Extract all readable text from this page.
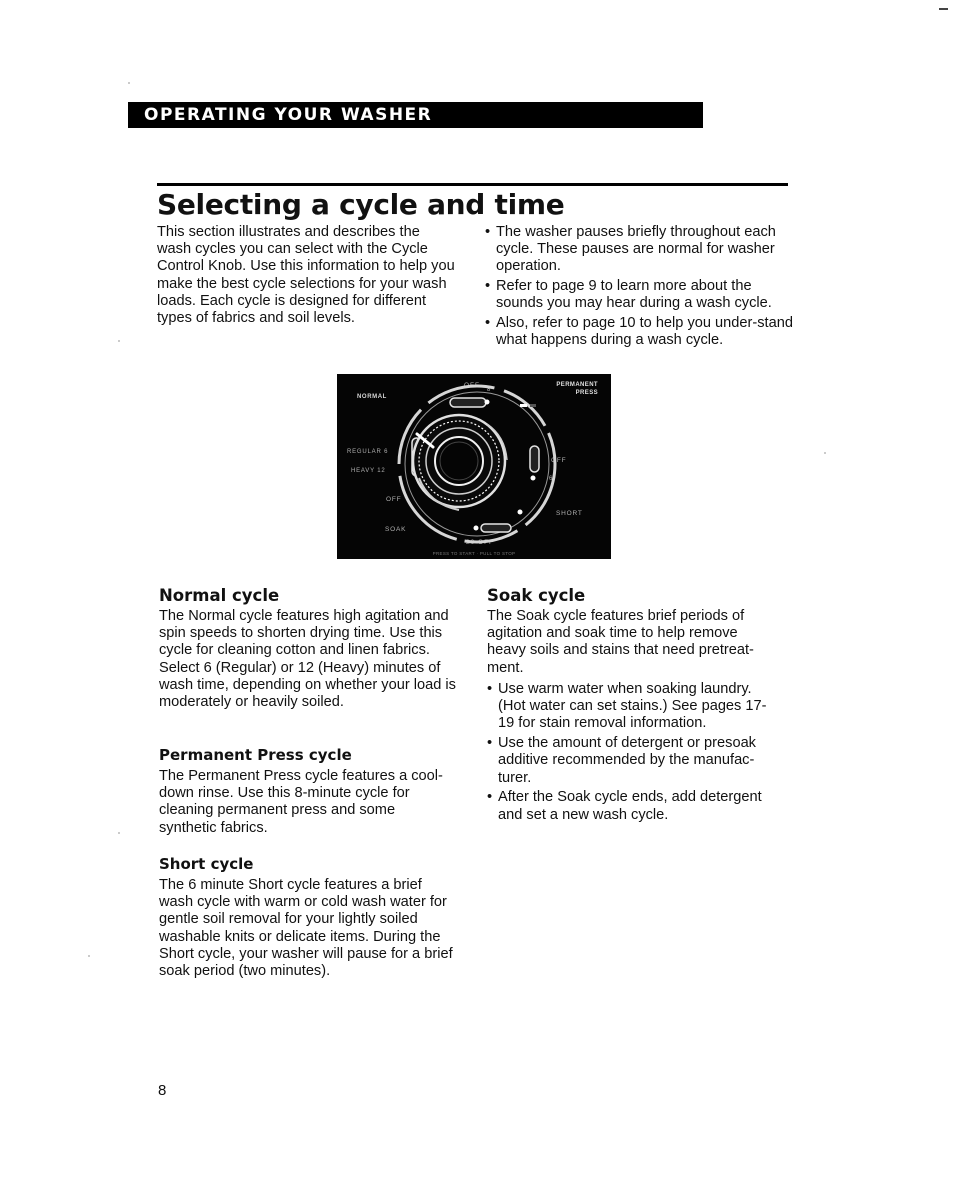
OPERATING YOUR WASHER
Selecting a cycle and time

This section illustrates and describes the wash cycles you can select with the Cycle Control Knob. Use this information to help you make the best cycle selections for your wash loads. Each cycle is designed for different types of fabrics and soil levels.

• The washer pauses briefly throughout each cycle. These pauses are normal for washer operation.
• Refer to page 9 to learn more about the sounds you may hear during a wash cycle.
• Also, refer to page 10 to help you under-stand what happens during a wash cycle.
NORMAL
OFF
8
PERMANENT
PRESS
REGULAR 6
HEAVY 12
OFF
SOAK
OFF
6
SHORT
20 OFF
PRESS TO START · PULL TO STOP
Normal cycle

The Normal cycle features high agitation and spin speeds to shorten drying time. Use this cycle for cleaning cotton and linen fabrics. Select 6 (Regular) or 12 (Heavy) minutes of wash time, depending on whether your load is moderately or heavily soiled.

Permanent Press cycle

The Permanent Press cycle features a cool-down rinse. Use this 8-minute cycle for cleaning permanent press and some synthetic fabrics.

Short cycle

The 6 minute Short cycle features a brief wash cycle with warm or cold wash water for gentle soil removal for your lightly soiled washable knits or delicate items. During the Short cycle, your washer will pause for a brief soak period (two minutes).

Soak cycle

The Soak cycle features brief periods of agitation and soak time to help remove heavy soils and stains that need pretreat-ment.

• Use warm water when soaking laundry. (Hot water can set stains.) See pages 17-19 for stain removal information.
• Use the amount of detergent or presoak additive recommended by the manufac-turer.
• After the Soak cycle ends, add detergent and set a new wash cycle.

8
